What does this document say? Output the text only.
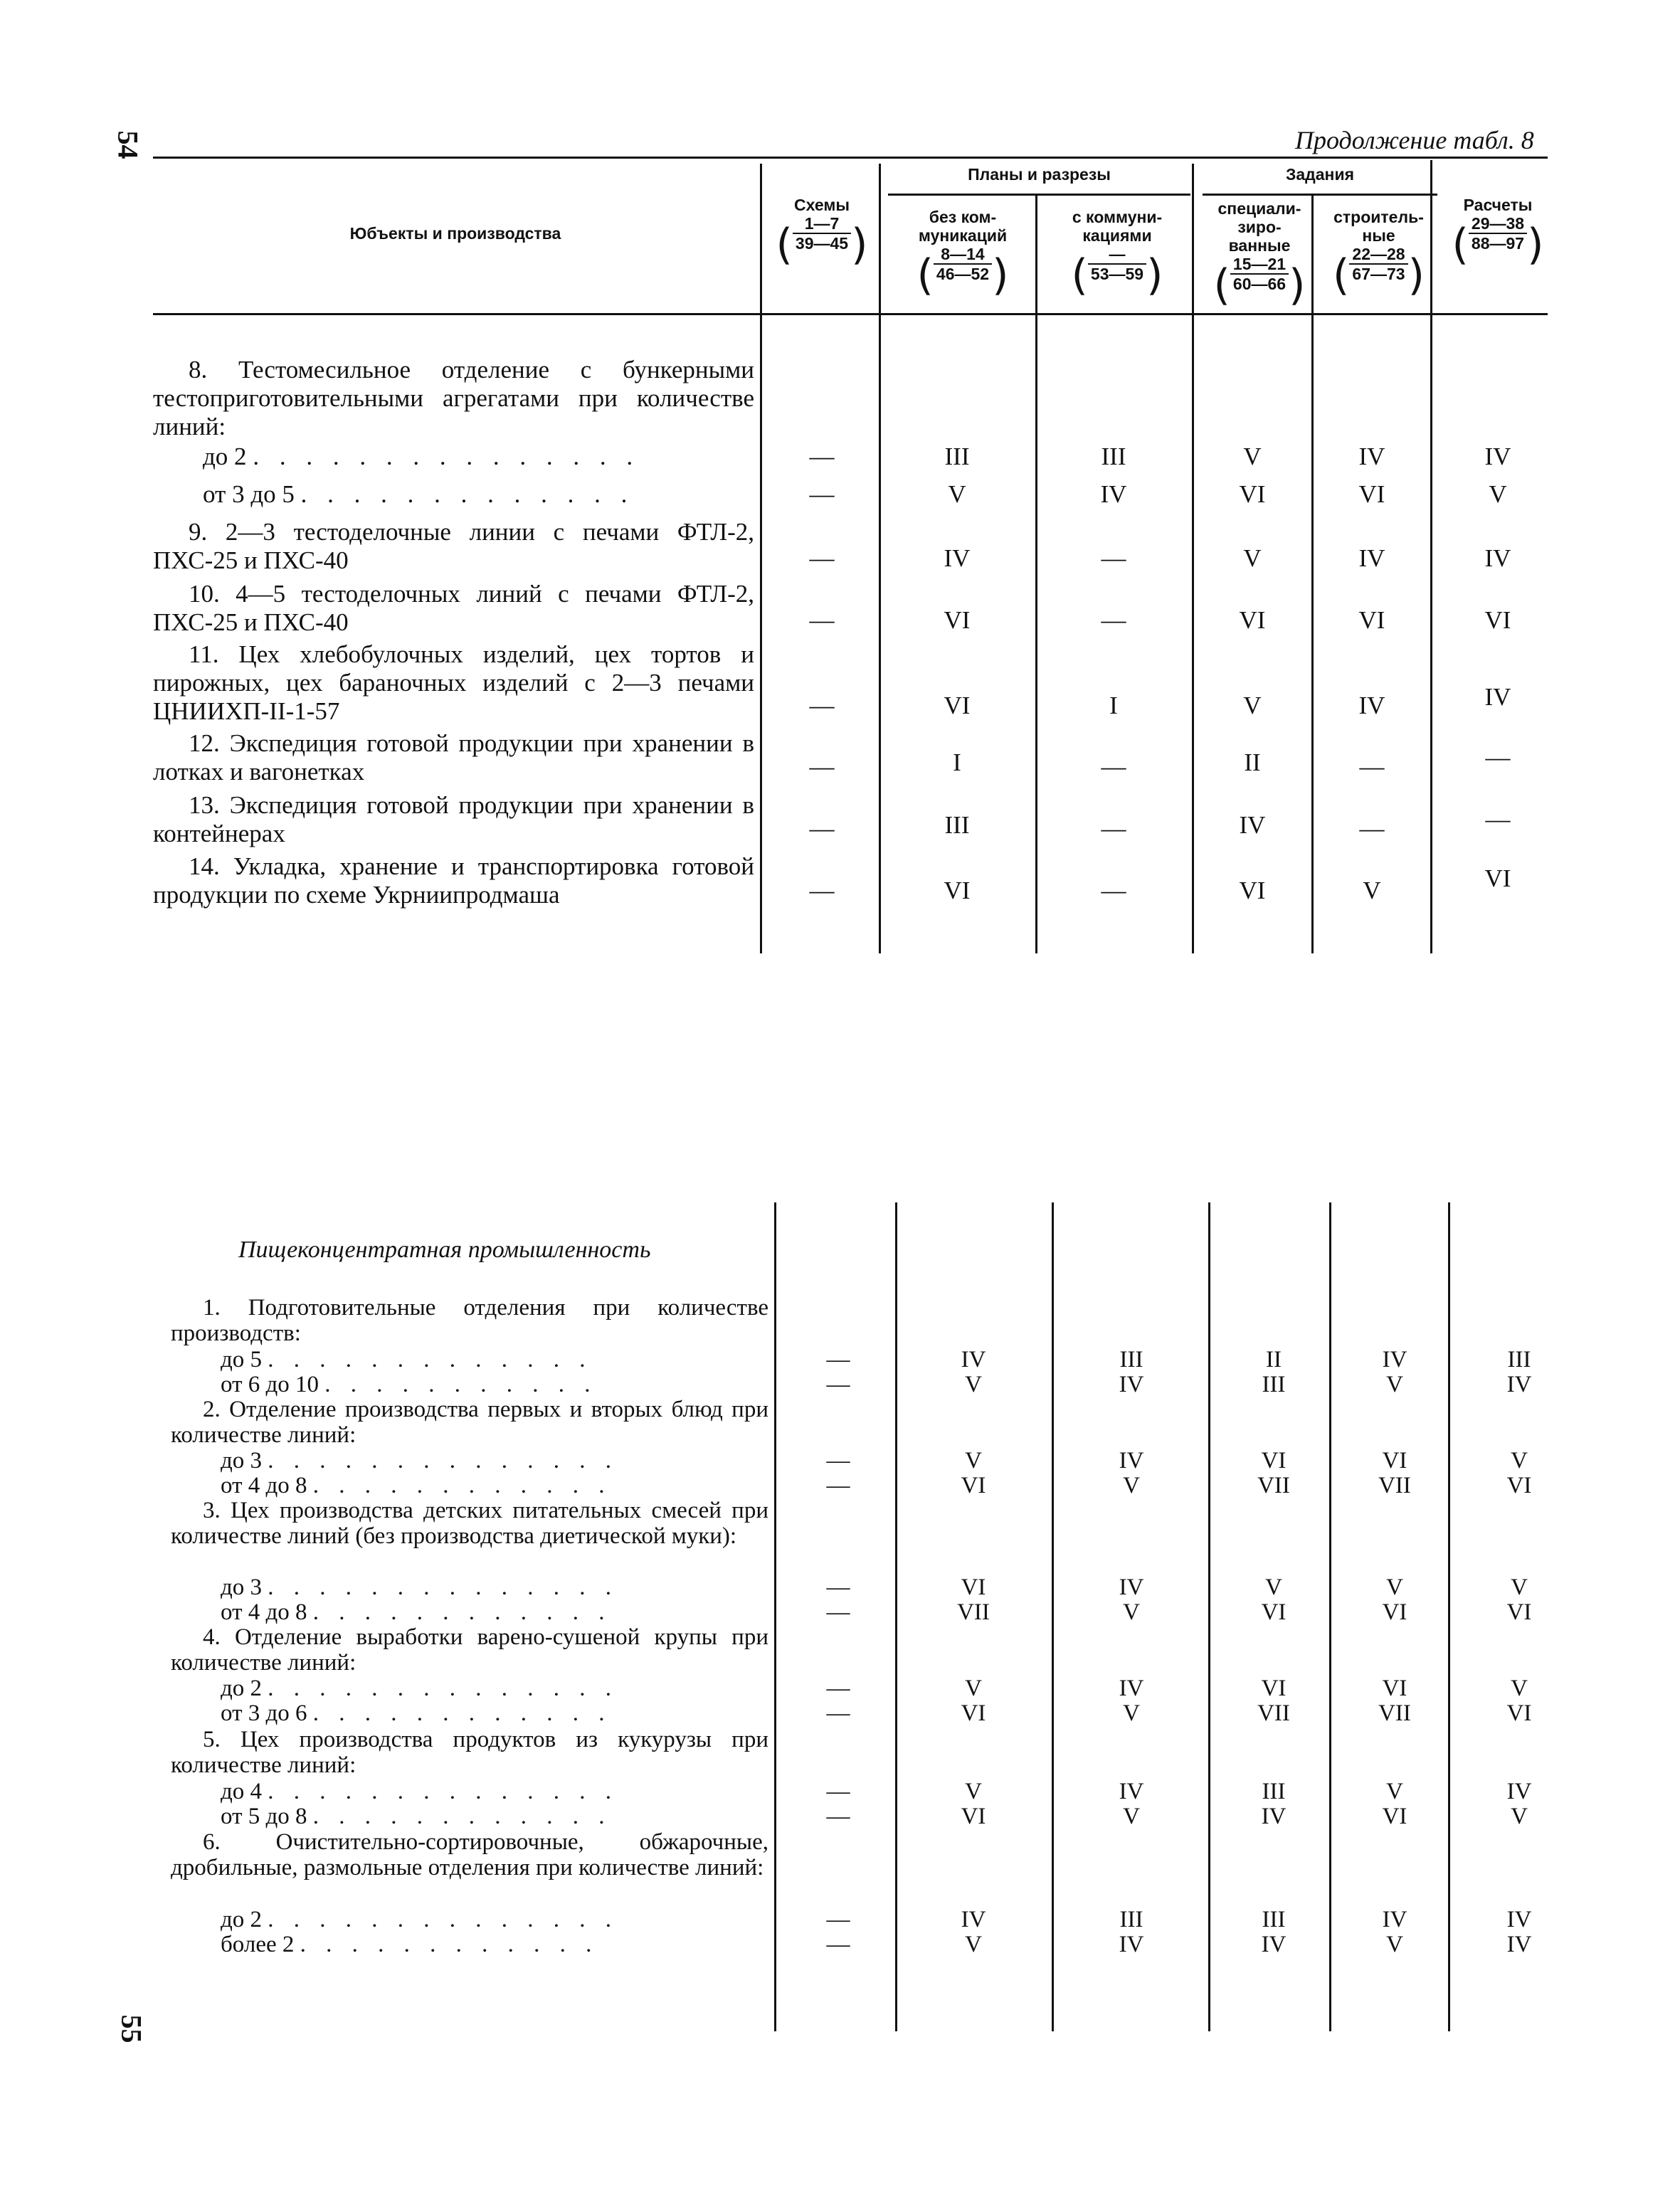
54
55
Продолжение табл. 8
Юбъекты и производства
Схемы
( $\frac{1—7}{39—45}$ )
Планы и разрезы
без ком-
муникаций
( $\frac{8—14}{46—52}$ )
с коммуни-
кациями
( $\frac{—}{53—59}$ )
Задания
специали-
зиро-
ванные
( $\frac{15—21}{60—66}$ )
строитель-
ные
( $\frac{22—28}{67—73}$ )
Расчеты
( $\frac{29—38}{88—97}$ )
8. Тестомесильное отделение с бункерными тестоприготовительными агрегатами при количестве линий:
до 2 . . . . . . . . . . . . . . .	—	III	III	V	IV	IV
от 3 до 5 . . . . . . . . . . . . .	—	V	IV	VI	VI	V
9. 2—3 тестоделочные линии с печами ФТЛ-2, ПХС-25 и ПХС-40	—	IV	—	V	IV	IV
10. 4—5 тестоделочных линий с печами ФТЛ-2, ПХС-25 и ПХС-40	—	VI	—	VI	VI	VI
11. Цех хлебобулочных изделий, цех тортов и пирожных, цех бараночных изделий с 2—3 печами ЦНИИХП-II-1-57	—	VI	I	V	IV	IV
12. Экспедиция готовой продукции при хранении в лотках и вагонетках	—	I	—	II	—	—
13. Экспедиция готовой продукции при хранении в контейнерах	—	III	—	IV	—	—
14. Укладка, хранение и транспортировка готовой продукции по схеме Укрниипродмаша	—	VI	—	VI	V	VI
Пищеконцентратная промышленность
1. Подготовительные отделения при количестве производств:
до 5 . . . . . . . . . . . . .	—	IV	III	II	IV	III
от 6 до 10 . . . . . . . . . . .	—	V	IV	III	V	IV
2. Отделение производства первых и вторых блюд при количестве линий:
до 3 . . . . . . . . . . . . . .	—	V	IV	VI	VI	V
от 4 до 8 . . . . . . . . . . . .	—	VI	V	VII	VII	VI
3. Цех производства детских питательных смесей при количестве линий (без производства диетической муки):
до 3 . . . . . . . . . . . . . .	—	VI	IV	V	V	V
от 4 до 8 . . . . . . . . . . . .	—	VII	V	VI	VI	VI
4. Отделение выработки варено-сушеной крупы при количестве линий:
до 2 . . . . . . . . . . . . . .	—	V	IV	VI	VI	V
от 3 до 6 . . . . . . . . . . . .	—	VI	V	VII	VII	VI
5. Цех производства продуктов из кукурузы при количестве линий:
до 4 . . . . . . . . . . . . . .	—	V	IV	III	V	IV
от 5 до 8 . . . . . . . . . . . .	—	VI	V	IV	VI	V
6. Очистительно-сортировочные, обжарочные, дробильные, размольные отделения при количестве линий:
до 2 . . . . . . . . . . . . . .	—	IV	III	III	IV	IV
более 2 . . . . . . . . . . . .	—	V	IV	IV	V	IV
